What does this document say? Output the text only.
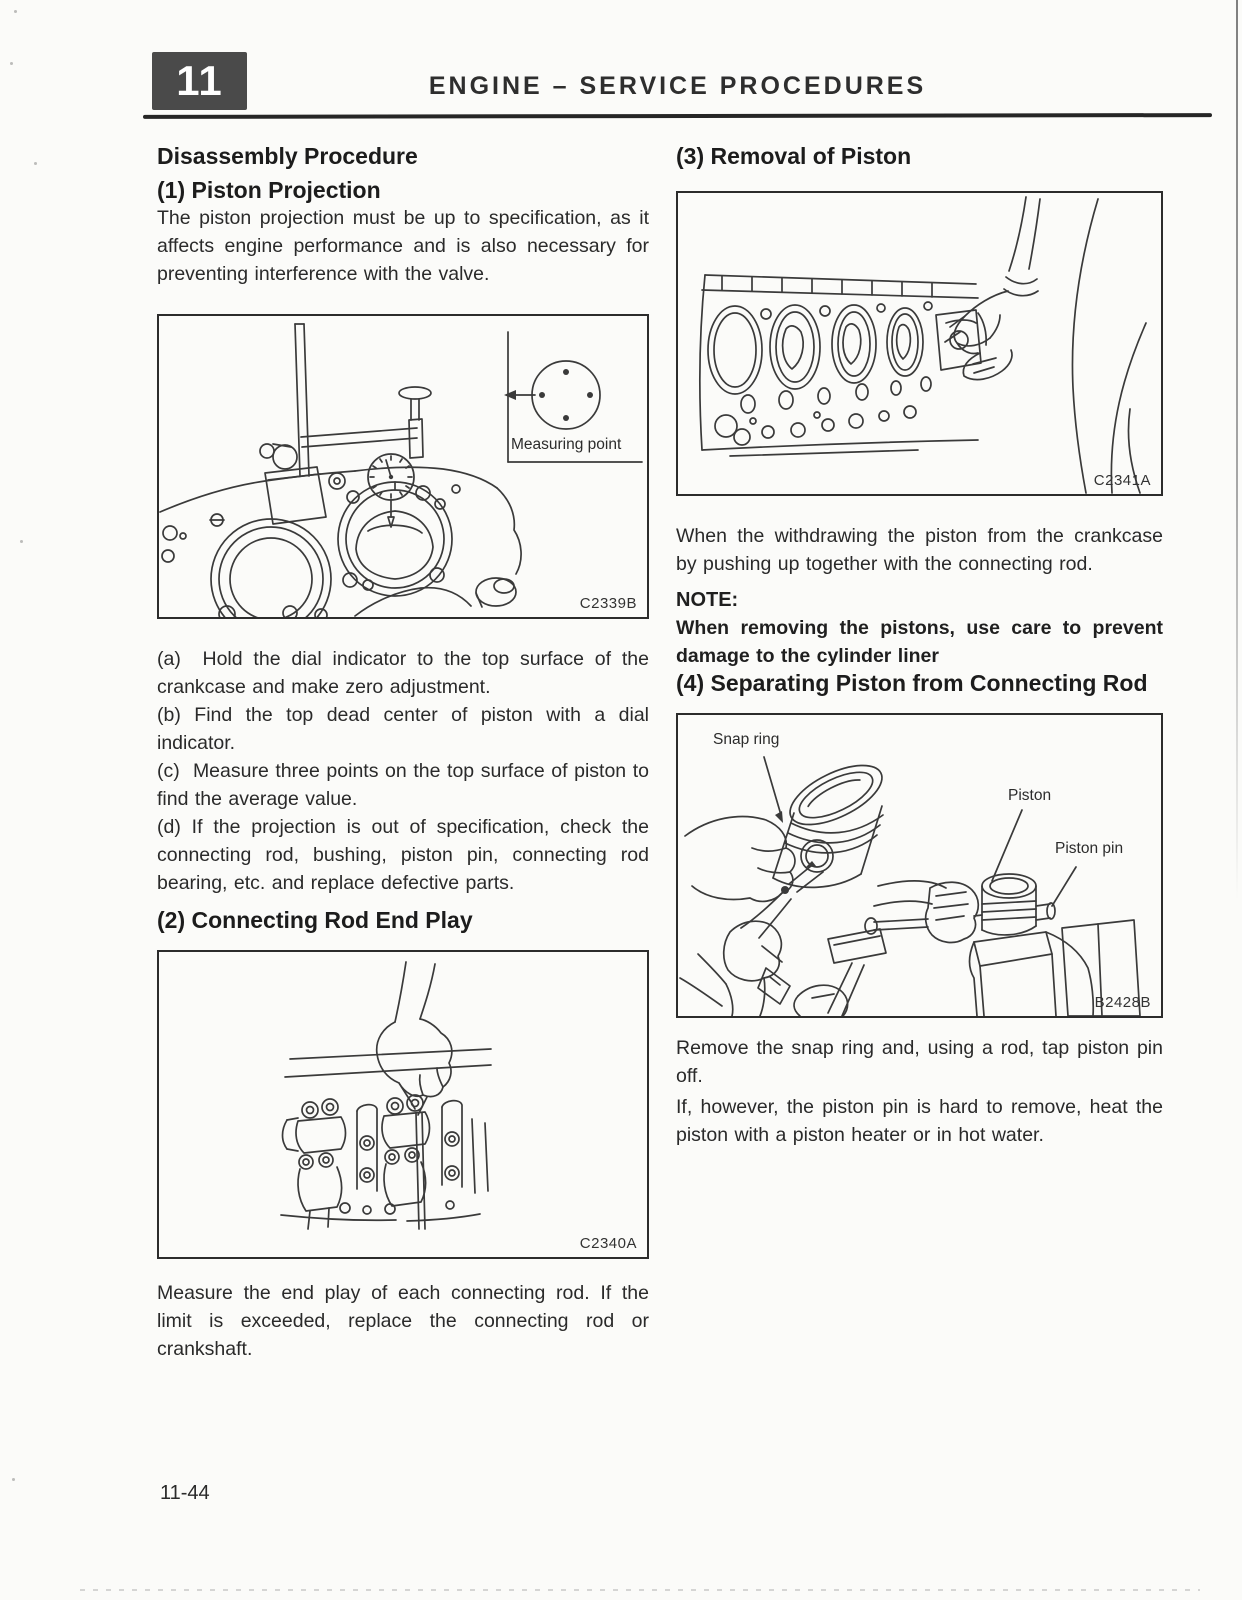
11	ENGINE – SERVICE PROCEDURES
Disassembly Procedure
(1) Piston Projection

The piston projection must be up to specification, as it affects engine performance and is also necessary for preventing interference with the valve.

Measuring point
C2339B

(a) Hold the dial indicator to the top surface of the crankcase and make zero adjustment.

(b) Find the top dead center of piston with a dial indicator.

(c) Measure three points on the top surface of piston to find the average value.

(d) If the projection is out of specification, check the connecting rod, bushing, piston pin, connecting rod bearing, etc. and replace defective parts.

(2) Connecting Rod End Play
C2340A

Measure the end play of each connecting rod. If the limit is exceeded, replace the connecting rod or crankshaft.

(3) Removal of Piston
C2341A

When the withdrawing the piston from the crankcase by pushing up together with the connecting rod.

NOTE:

When removing the pistons, use care to prevent damage to the cylinder liner

(4) Separating Piston from Connecting Rod
Snap ring
Piston
Piston pin
B2428B

Remove the snap ring and, using a rod, tap piston pin off.

If, however, the piston pin is hard to remove, heat the piston with a piston heater or in hot water.

11-44
